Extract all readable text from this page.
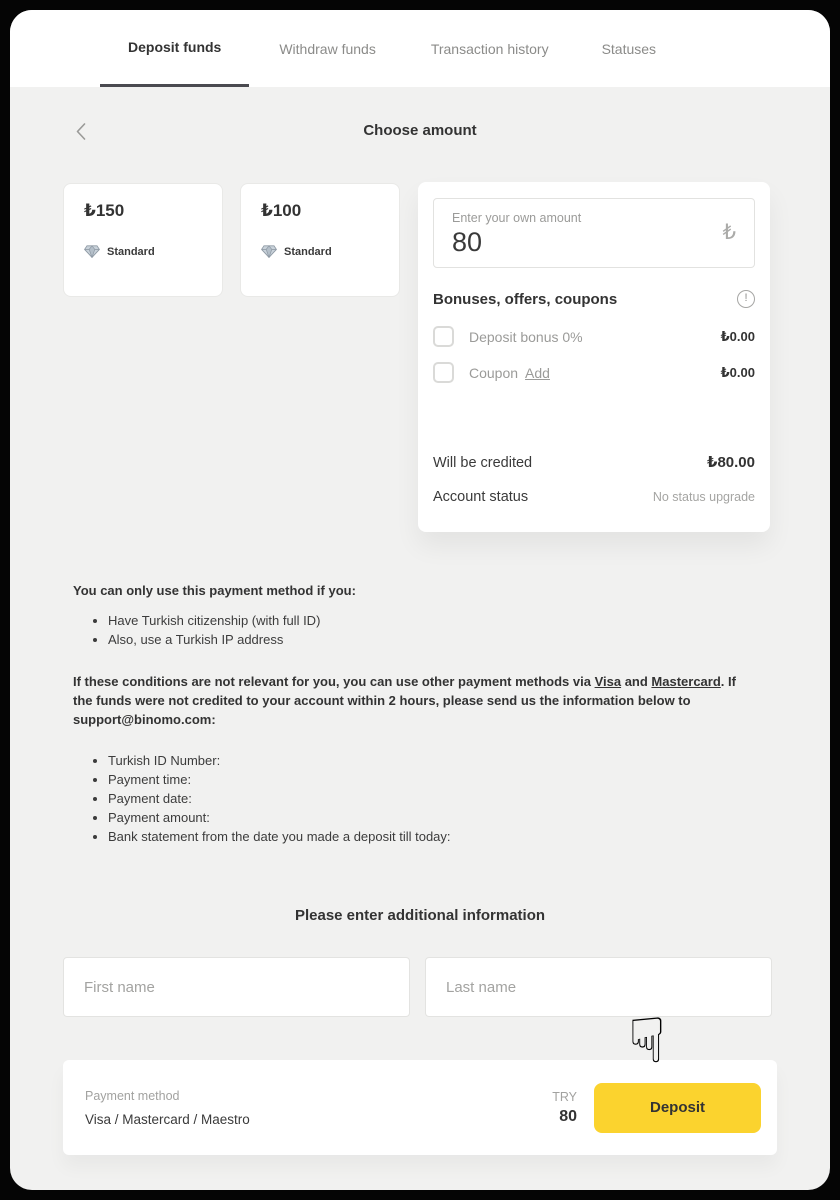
Deposit funds	Withdraw funds	Transaction history	Statuses
Choose amount
₺150
Standard
₺100
Standard
Enter your own amount
80
₺
Bonuses, offers, coupons	!
Deposit bonus 0%	₺0.00
Coupon Add	₺0.00
Will be credited	₺80.00
Account status	No status upgrade

You can only use this payment method if you:

• Have Turkish citizenship (with full ID)
• Also, use a Turkish IP address

If these conditions are not relevant for you, you can use other payment methods via Visa and Mastercard. If the funds were not credited to your account within 2 hours, please send us the information below to support@binomo.com:

• Turkish ID Number:
• Payment time:
• Payment date:
• Payment amount:
• Bank statement from the date you made a deposit till today:
Please enter additional information
First name
Last name
Payment method
Visa / Mastercard / Maestro
TRY
80	Deposit
☟
